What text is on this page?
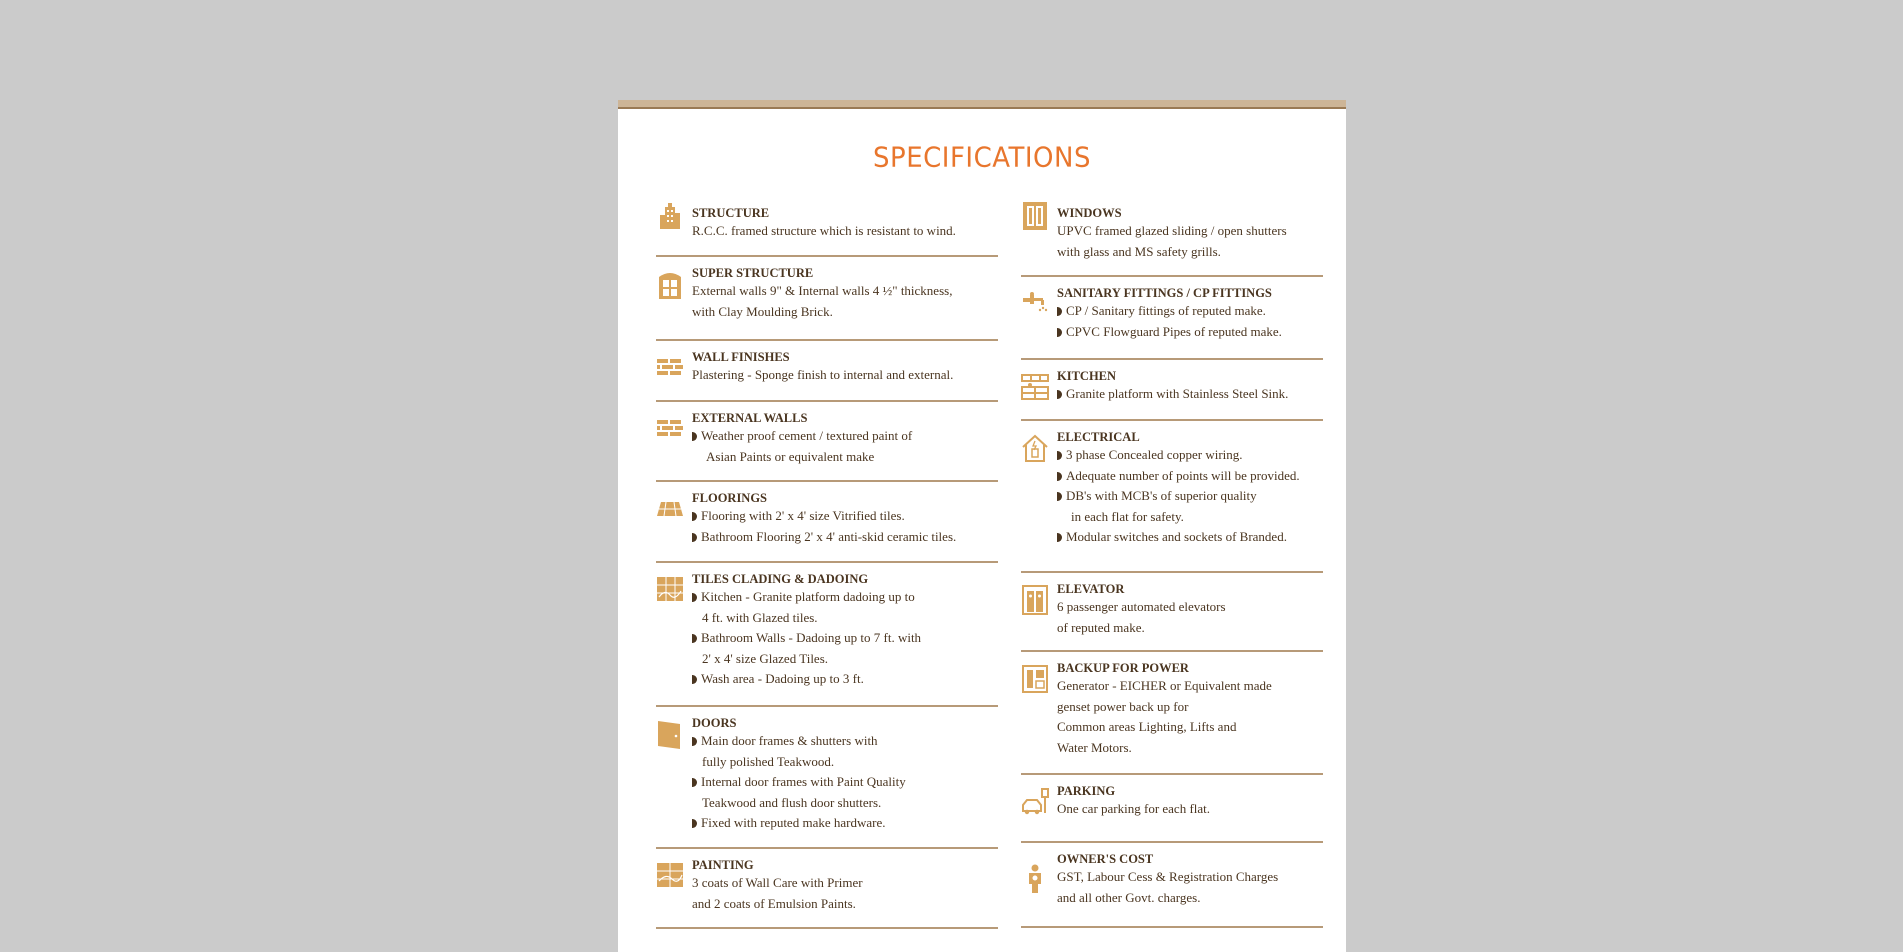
SPECIFICATIONS
STRUCTURE
R.C.C. framed structure which is resistant to wind.
SUPER STRUCTURE
External walls 9" & Internal walls 4 ½" thickness,
with Clay Moulding Brick.
WALL FINISHES
Plastering - Sponge finish to internal and external.
EXTERNAL WALLS
Weather proof cement / textured paint of
Asian Paints or equivalent make
FLOORINGS
Flooring with 2' x 4' size Vitrified tiles.
Bathroom Flooring 2' x 4' anti-skid ceramic tiles.
TILES CLADING & DADOING
Kitchen - Granite platform dadoing up to
4 ft. with Glazed tiles.
Bathroom Walls - Dadoing up to 7 ft. with
2' x 4' size Glazed Tiles.
Wash area - Dadoing up to 3 ft.
DOORS
Main door frames & shutters with
fully polished Teakwood.
Internal door frames with Paint Quality
Teakwood and flush door shutters.
Fixed with reputed make hardware.
PAINTING
3 coats of Wall Care with Primer
and 2 coats of Emulsion Paints.
WINDOWS
UPVC framed glazed sliding / open shutters
with glass and MS safety grills.
SANITARY FITTINGS / CP FITTINGS
CP / Sanitary fittings of reputed make.
CPVC Flowguard Pipes of reputed make.
KITCHEN
Granite platform with Stainless Steel Sink.
ELECTRICAL
3 phase Concealed copper wiring.
Adequate number of points will be provided.
DB's with MCB's of superior quality
in each flat for safety.
Modular switches and sockets of Branded.
ELEVATOR
6 passenger automated elevators
of reputed make.
BACKUP FOR POWER
Generator - EICHER or Equivalent made
genset power back up for
Common areas Lighting, Lifts and
Water Motors.
PARKING
One car parking for each flat.
OWNER'S COST
GST, Labour Cess & Registration Charges
and all other Govt. charges.
